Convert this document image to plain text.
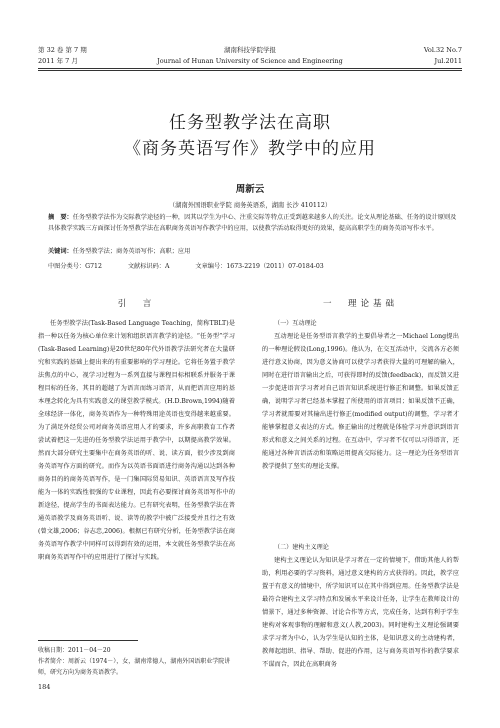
第 32 卷 第 7 期	湖南科技学院学报	Vol.32 No.7
2011 年 7 月	Journal of Hunan University of Science and Engineering	Jul.2011
任务型教学法在高职
《商务英语写作》教学中的应用
周新云
（湖南外国语职业学院 商务英语系，湖南 长沙 410112）
摘　要：任务型教学法作为交际教学途径的一种，因其以学生为中心、注重交际等特点正受到越来越多人的关注。论文从理论基础、任务的设计原则及具体教学实践三方面探讨任务型教学法在高职商务英语写作教学中的应用，以使教学活动取得更好的效果，提高高职学生的商务英语写作水平。
关键词：任务型教学法；商务英语写作；高职；应用
中图分类号：G712	文献标识码：A	文章编号：1673-2219（2011）07-0184-03
引　言

任务型教学法(Task-Based Language Teaching，简称TBLT)是指一种以任务为核心单位来计划和组织语言教学的途径。“任务型”学习(Task-Based Learning)是20世纪80年代外语教学法研究者在大量研究和实践的基础上提出来的有重要影响的学习理论。它将任务置于教学法焦点的中心，视学习过程为一系列直接与课程目标相联系并服务于课程目标的任务，其目的超越了为语言而练习语言，从而把语言应用的基本理念转化为具有实践意义的课堂教学模式。(H.D.Brown,1994)随着全球经济一体化，商务英语作为一种特殊用途英语也变得越来越重要。为了满足外经贸公司对商务英语应用人才的要求，许多高职教育工作者尝试着把这一先进的任务型教学法运用于教学中，以期提高教学效果。然而大部分研究主要集中在商务英语的听、说、读方面，很少涉及到商务英语写作方面的研究。而作为以英语书面语进行商务沟通以达到各种商务目的的商务英语写作，是一门集国际贸易知识、英语语言及写作技能为一体的实践性很强的专业课程，因此有必要探讨商务英语写作中的新途径，提高学生的书面表达能力。已有研究表明，任务型教学法在普通英语教学及商务英语听、说、读等的教学中被广泛接受并且行之有效(曾文雄,2006；谷志忠,2006)。根据已有研究分析，任务型教学法在商务英语写作教学中同样可以得到有效的运用，本文就任务型教学法在高职商务英语写作中的应用进行了探讨与实践。

一　理论基础
（一）互动理论

互动理论是任务型语言教学的主要倡导者之一Michael Long提出的一种理论假设(Long,1996)。他认为，在交互活动中，交流各方必须进行意义协商，因为意义协商可以使学习者获得大量的可理解的输入，同时在进行语言输出之后，可获得即时的反馈(feedback)，而反馈又进一步促进语言学习者对自己语言知识系统进行修正和调整。如果反馈正确，说明学习者已经基本掌握了所使用的语言项目；如果反馈不正确，学习者就需要对其输出进行修正(modified output)的调整，学习者才能够掌握意义表达的方式。修正输出的过程就是体验学习并意识到语言形式和意义之间关系的过程。在互动中，学习者不仅可以习得语言，还能通过各种言语活动和策略运用提高交际能力。这一理论为任务型语言教学提供了坚实的理论支撑。

（二）建构主义理论

建构主义理论认为知识是学习者在一定的情境下，借助其他人的帮助，利用必要的学习资料，通过意义建构的方式获得的。因此，教学应置于有意义的情境中，所学知识可以在其中得到应用。任务型教学法是最符合建构主义学习特点和发展水平来设计任务，让学生在教师设计的情景下，通过多种资源、讨论合作等方式，完成任务，达到有利于学生建构对客观事物的理解和意义(人教,2003)。同时建构主义理论强调要求学习者为中心，认为学生是认知的主体，是知识意义的主动建构者，教师起组织、指导、帮助、促进的作用，这与商务英语写作的教学要求不谋而合，因此在高职商务

收稿日期：2011－04－20
作者简介：周新云（1974－），女，湖南常德人，湖南外国语职业学院讲师，研究方向为商务英语教学。
184
